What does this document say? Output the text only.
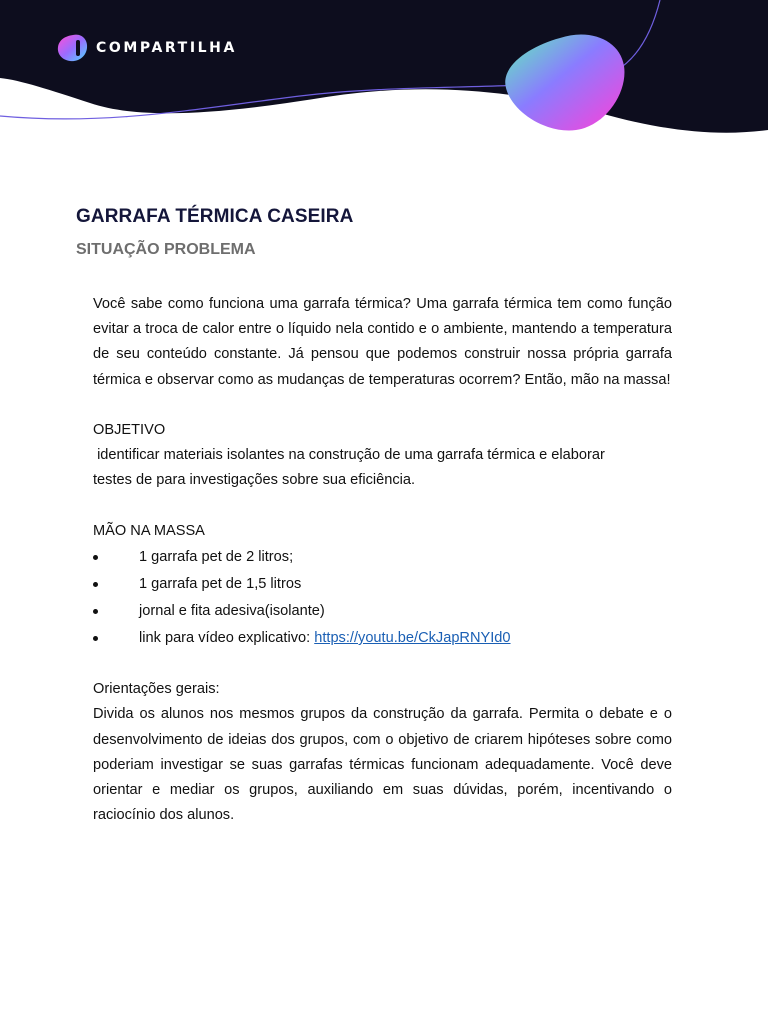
COMPARTILHA
GARRAFA TÉRMICA CASEIRA
SITUAÇÃO PROBLEMA

Você sabe como funciona uma garrafa térmica? Uma garrafa térmica tem como função evitar a troca de calor entre o líquido nela contido e o ambiente, mantendo a temperatura de seu conteúdo constante. Já pensou que podemos construir nossa própria garrafa térmica e observar como as mudanças de temperaturas ocorrem? Então, mão na massa!

OBJETIVO

identificar materiais isolantes na construção de uma garrafa térmica e elaborar testes de para investigações sobre sua eficiência.

MÃO NA MASSA

1 garrafa pet de 2 litros;
1 garrafa pet de 1,5 litros
jornal e fita adesiva(isolante)
link para vídeo explicativo: https://youtu.be/CkJapRNYId0

Orientações gerais:

Divida os alunos nos mesmos grupos da construção da garrafa. Permita o debate e o desenvolvimento de ideias dos grupos, com o objetivo de criarem hipóteses sobre como poderiam investigar se suas garrafas térmicas funcionam adequadamente. Você deve orientar e mediar os grupos, auxiliando em suas dúvidas, porém, incentivando o raciocínio dos alunos.
